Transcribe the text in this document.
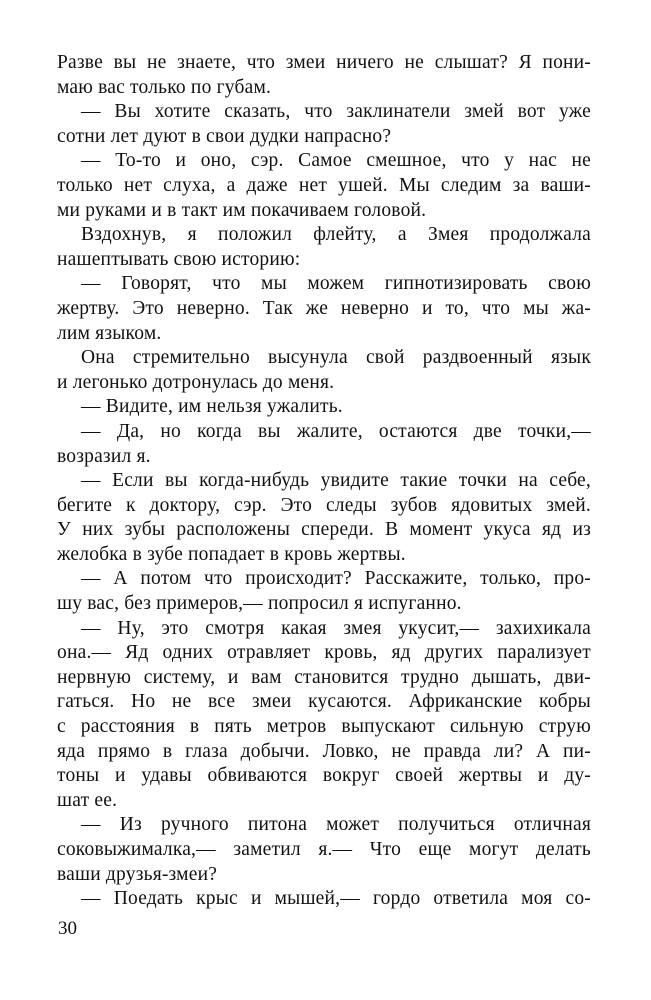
Разве вы не знаете, что змеи ничего не слышат? Я пони-
маю вас только по губам.
— Вы хотите сказать, что заклинатели змей вот уже
сотни лет дуют в свои дудки напрасно?
— То-то и оно, сэр. Самое смешное, что у нас не
только нет слуха, а даже нет ушей. Мы следим за ваши-
ми руками и в такт им покачиваем головой.
Вздохнув, я положил флейту, а Змея продолжала
нашептывать свою историю:
— Говорят, что мы можем гипнотизировать свою
жертву. Это неверно. Так же неверно и то, что мы жа-
лим языком.
Она стремительно высунула свой раздвоенный язык
и легонько дотронулась до меня.
— Видите, им нельзя ужалить.
— Да, но когда вы жалите, остаются две точки,—
возразил я.
— Если вы когда-нибудь увидите такие точки на себе,
бегите к доктору, сэр. Это следы зубов ядовитых змей.
У них зубы расположены спереди. В момент укуса яд из
желобка в зубе попадает в кровь жертвы.
— А потом что происходит? Расскажите, только, про-
шу вас, без примеров,— попросил я испуганно.
— Ну, это смотря какая змея укусит,— захихикала
она.— Яд одних отравляет кровь, яд других парализует
нервную систему, и вам становится трудно дышать, дви-
гаться. Но не все змеи кусаются. Африканские кобры
с расстояния в пять метров выпускают сильную струю
яда прямо в глаза добычи. Ловко, не правда ли? А пи-
тоны и удавы обвиваются вокруг своей жертвы и ду-
шат ее.
— Из ручного питона может получиться отличная
соковыжималка,— заметил я.— Что еще могут делать
ваши друзья-змеи?
— Поедать крыс и мышей,— гордо ответила моя со-
30
